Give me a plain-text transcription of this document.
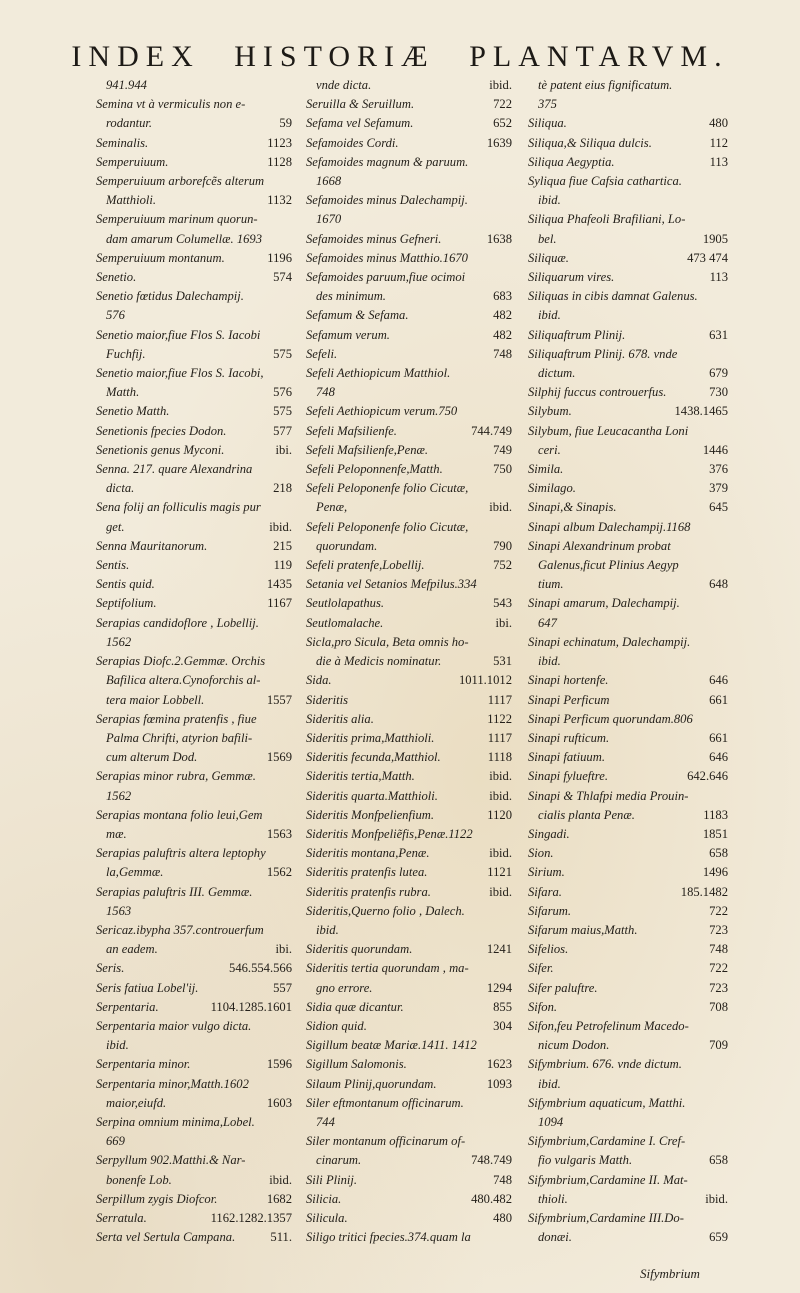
INDEX HISTORIÆ PLANTARVM.
941.944
Semina vt à vermiculis non e-
59
rodantur.
1123
Seminalis.
1128
Semperuiuum.
Semperuiuum arborefcẽs alterum
1132
Matthioli.
Semperuiuum marinum quorun-
dam amarum Columellæ. 1693
1196
Semperuiuum montanum.
574
Senetio.
Senetio fœtidus Dalechampij.
576
Senetio maior,fiue Flos S. Iacobi
575
Fuchfij.
Senetio maior,fiue Flos S. Iacobi,
576
Matth.
575
Senetio Matth.
577
Senetionis fpecies Dodon.
ibi.
Senetionis genus Myconi.
Senna. 217. quare Alexandrina
218
dicta.
Sena folij an folliculis magis pur
ibid.
get.
215
Senna Mauritanorum.
119
Sentis.
1435
Sentis quid.
1167
Septifolium.
Serapias candidoflore , Lobellij.
1562
Serapias Diofc.2.Gemmæ. Orchis
Bafilica altera.Cynoforchis al-
1557
tera maior Lobbell.
Serapias fœmina pratenfis , fiue
Palma Chrifti, atyrion bafili-
1569
cum alterum Dod.
Serapias minor rubra, Gemmæ.
1562
Serapias montana folio leui,Gem
1563
mæ.
Serapias paluftris altera leptophy
1562
la,Gemmæ.
Serapias paluftris III. Gemmæ.
1563
Sericaz.ibypha 357.controuerfum
ibi.
an eadem.
546.554.566
Seris.
557
Seris fatiua Lobel'ij.
1104.1285.1601
Serpentaria.
Serpentaria maior vulgo dicta.
ibid.
1596
Serpentaria minor.
Serpentaria minor,Matth.1602
1603
maior,eiufd.
Serpina omnium minima,Lobel.
669
Serpyllum 902.Matthi.& Nar-
ibid.
bonenfe Lob.
1682
Serpillum zygis Diofcor.
1162.1282.1357
Serratula.
511.
Serta vel Sertula Campana.
ibid.
vnde dicta.
722
Seruilla & Seruillum.
652
Sefama vel Sefamum.
1639
Sefamoides Cordi.
Sefamoides magnum & paruum.
1668
Sefamoides minus Dalechampij.
1670
1638
Sefamoides minus Gefneri.
Sefamoides minus Matthio.1670
Sefamoides paruum,fiue ocimoi
683
des minimum.
482
Sefamum & Sefama.
482
Sefamum verum.
748
Sefeli.
Sefeli Aethiopicum Matthiol.
748
Sefeli Aethiopicum verum.750
744.749
Sefeli Mafsilienfe.
749
Sefeli Mafsilienfe,Penæ.
750
Sefeli Peloponnenfe,Matth.
Sefeli Peloponenfe folio Cicutæ,
ibid.
Penæ,
Sefeli Peloponenfe folio Cicutæ,
790
quorundam.
752
Sefeli pratenfe,Lobellij.
Setania vel Setanios Mefpilus.334
543
Seutlolapathus.
ibi.
Seutlomalache.
Sicla,pro Sicula, Beta omnis ho-
531
die à Medicis nominatur.
1011.1012
Sida.
1117
Sideritis
1122
Sideritis alia.
1117
Sideritis prima,Matthioli.
1118
Sideritis fecunda,Matthiol.
ibid.
Sideritis tertia,Matth.
ibid.
Sideritis quarta.Matthioli.
1120
Sideritis Monfpelienfium.
Sideritis Monfpeliẽfis,Penæ.1122
ibid.
Sideritis montana,Penæ.
1121
Sideritis pratenfis lutea.
ibid.
Sideritis pratenfis rubra.
Sideritis,Querno folio , Dalech.
ibid.
1241
Sideritis quorundam.
Sideritis tertia quorundam , ma-
1294
gno errore.
855
Sidia quæ dicantur.
304
Sidion quid.
Sigillum beatæ Mariæ.1411. 1412
1623
Sigillum Salomonis.
1093
Silaum Plinij,quorundam.
Siler eftmontanum officinarum.
744
Siler montanum officinarum of-
748.749
cinarum.
748
Sili Plinij.
480.482
Silicia.
480
Silicula.
Siligo tritici fpecies.374.quam la
tè patent eius fignificatum.
375
480
Siliqua.
112
Siliqua,& Siliqua dulcis.
113
Siliqua Aegyptia.
Syliqua fiue Cafsia cathartica.
ibid.
Siliqua Phafeoli Brafiliani, Lo-
1905
bel.
473 474
Siliquæ.
113
Siliquarum vires.
Siliquas in cibis damnat Galenus.
ibid.
631
Siliquaftrum Plinij.
Siliquaftrum Plinij. 678. vnde
679
dictum.
730
Silphij fuccus controuerfus.
1438.1465
Silybum.
Silybum, fiue Leucacantha Loni
1446
ceri.
376
Simila.
379
Similago.
645
Sinapi,& Sinapis.
Sinapi album Dalechampij.1168
Sinapi Alexandrinum probat
Galenus,ficut Plinius Aegyp
648
tium.
Sinapi amarum, Dalechampij.
647
Sinapi echinatum, Dalechampij.
ibid.
646
Sinapi hortenfe.
661
Sinapi Perficum
Sinapi Perficum quorundam.806
661
Sinapi rufticum.
646
Sinapi fatiuum.
642.646
Sinapi fylueftre.
Sinapi & Thlafpi media Prouin-
1183
cialis planta Penæ.
1851
Singadi.
658
Sion.
1496
Sirium.
185.1482
Sifara.
722
Sifarum.
723
Sifarum maius,Matth.
748
Sifelios.
722
Sifer.
723
Sifer paluftre.
708
Sifon.
Sifon,feu Petrofelinum Macedo-
709
nicum Dodon.
Sifymbrium. 676. vnde dictum.
ibid.
Sifymbrium aquaticum, Matthi.
1094
Sifymbrium,Cardamine I. Cref-
658
fio vulgaris Matth.
Sifymbrium,Cardamine II. Mat-
ibid.
thioli.
Sifymbrium,Cardamine III.Do-
659
donæi.
Sifymbrium
